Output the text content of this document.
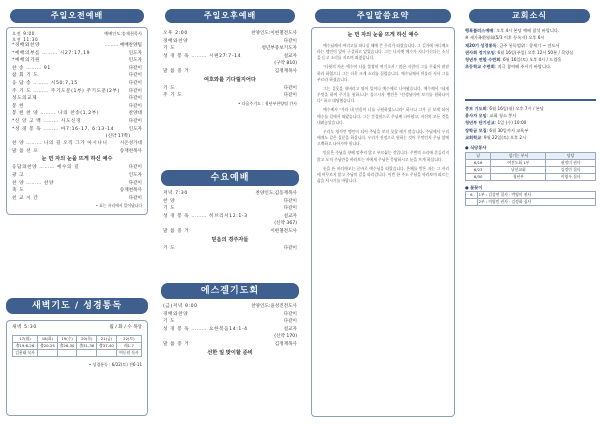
주일오전예배
오전 9:00	예배인도:송재천목사
오전 11:30
*경배와찬양	……… 예배찬양팀
*예배의부름 ……… 시27:17,19	인도자
*예배의기원	인도자
찬 송 ……… 91	다같이
참 회 기 도	다같이
응 답 송 ……… 시50:7,15	다같이
주 기 도 ……… 주기도문(1부) 주기도문(2부) 다같이
성도의교제	다같이
봉 헌	다같이
봉 헌 찬 양 ……… 나의 찬송(1,2부)	찬양대
*신 앙 고 백 ……… 사도신경	다같이
*성 경 봉 독 ……… 마7:16-17, 6:13-14	인도자
(신약 17쪽)
찬 양 ……… 나의 길 오직 그가 아시나니	시온성가대
말 씀 선 포	송재천목사
눈 먼 자의 눈을 뜨게 하신 예수
응답의찬양 ……… 예수의 길	다같이
광 고	인도자
찬 양 ……… 찬양	다같이
축 도	송재천목사
친 교 시 간	다같이
• 표는 자리에서 일어납니다
새벽기도 / 성경통독
새벽 5:30	월 / 화 / 수 목상
17(월)	18(화)	19(수)	20(목)	21(금)	22(토)
출19:8-26	출20-25	출26-30	출31-36	출37-40	레1-7
김용태 목사					여동원 목사
• 성경통독 : 6/22(토) 전6-11
주일오후예배
오후 2:00	찬양인도:이현철전도사
경배와찬양	다같이
기 도	청년부중보기도자
성 경 봉 독 ……… 시편27:7-14	설교자
(구약 810)
말 씀 증 거	김정재목사
여호와를 기다릴지어다
기 도	다같이
주 기 도	다같이
• 다음주기도 : 청년부찬양팀 간사
수요예배
저녁 7:30	찬양인도:김동재목사
찬 양	다같이
기 도	다같이
성 경 봉 독 ……… 히브리서12:1-3	설교자
(신약 367)
말 씀 증 거	이현철전도사
믿음의 경주자들
기 도	다같이
에스겔기도회
(금)저녁 9:00	찬양인도:윤성진전도사
경배와찬양	다같이
기 도	다같이
성 경 봉 독 ……… 요한복음14:1-4	설교자
(신약 170)
말 씀 증 거	김정재목사
선한 일 맞이할 준비
주일말씀요약
눈 먼 자의 눈을 뜨게 하신 예수

예수님께서 여리고를 떠나실 때에 큰 무리가 따랐습니다. 그 길가에 바디매오라는 맹인이 앉아 구걸하고 있었습니다. 그는 나사렛 예수가 지나가신다는 소식을 듣고 소리를 지르며 외쳤습니다.

"다윗의 자손 예수여 나를 불쌍히 여기소서." 많은 사람이 그를 꾸짖어 잠잠하라 하였으나 그는 더욱 크게 소리를 질렀습니다. 예수님께서 머물러 서서 그를 부르라 하셨습니다.

그는 겉옷을 내버리고 뛰어 일어나 예수께로 나아왔습니다. 예수께서 "네게 무엇을 하여 주기를 원하느냐" 물으시자 맹인은 "선생님이여 보기를 원하나이다" 하고 대답했습니다.

예수께서 "가라 네 믿음이 너를 구원하였느니라" 하시니 그가 곧 보게 되어 예수를 길에서 따랐습니다. 그는 간절함으로 주님께 나아왔고, 자신의 모든 것을 내려놓았습니다.

우리도 영적인 맹인이 되어 주님을 보지 못할 때가 많습니다. 주님께서 우리에게도 같은 질문을 하십니다. 우리가 진정으로 원하는 것이 무엇인지 주님 앞에 고백하고 나아가야 합니다.

믿음은 주님을 향해 멈추지 않고 부르짖는 것입니다. 주변의 소리에 흔들리지 않고 오직 주님만을 바라보는 자에게 주님은 응답하시고 눈을 뜨게 하십니다.

눈을 뜬 바디매오는 곧바로 예수님을 따랐습니다. 은혜를 받은 자는 그 자리에 머무르지 않고 주님의 길을 따라갑니다. 이번 한 주도 주님을 바라보며 따르는 삶을 사시기를 바랍니다.

교회소식
행복플러스예배: 오후 4시 본당 예배 참석 바랍니다.
※ 새가족환영회(5/3 이후 등록자) 오후 6시
제20기 성경통독: 금주 통독범위 : 창세기 ~ 전도서
권사회 정기모임: 6월 16일(주일) 오후 12시 50분 / 목양실
청년부 연합 수련회: 6월 16일(토) 오후 4시 / 드림홀
초등학교 수련회: 적극 참여해 주시기 바랍니다.
중보 기도회: 6월 16일(월) 오후 7시 / 본당
봉사자 모임: 교회 청소 봉사
청년부 단기선교: 1일 (수) 10:00
장학금 모집: 6월 30일까지 교육부
교회학교: 9월 22일(토) 오후 2시
● 식당봉사
날	섬기는 부서	담당
6/16	여전도회 1부	권정미 권사
6/23	남선교회	김정민 집사
6/30	청년부	이영우 집사
● 꽃꽂이
6	1부 : 김상연 집사 · 박영미 권사
	2부 : 이영민 권사 · 김정화 집사
